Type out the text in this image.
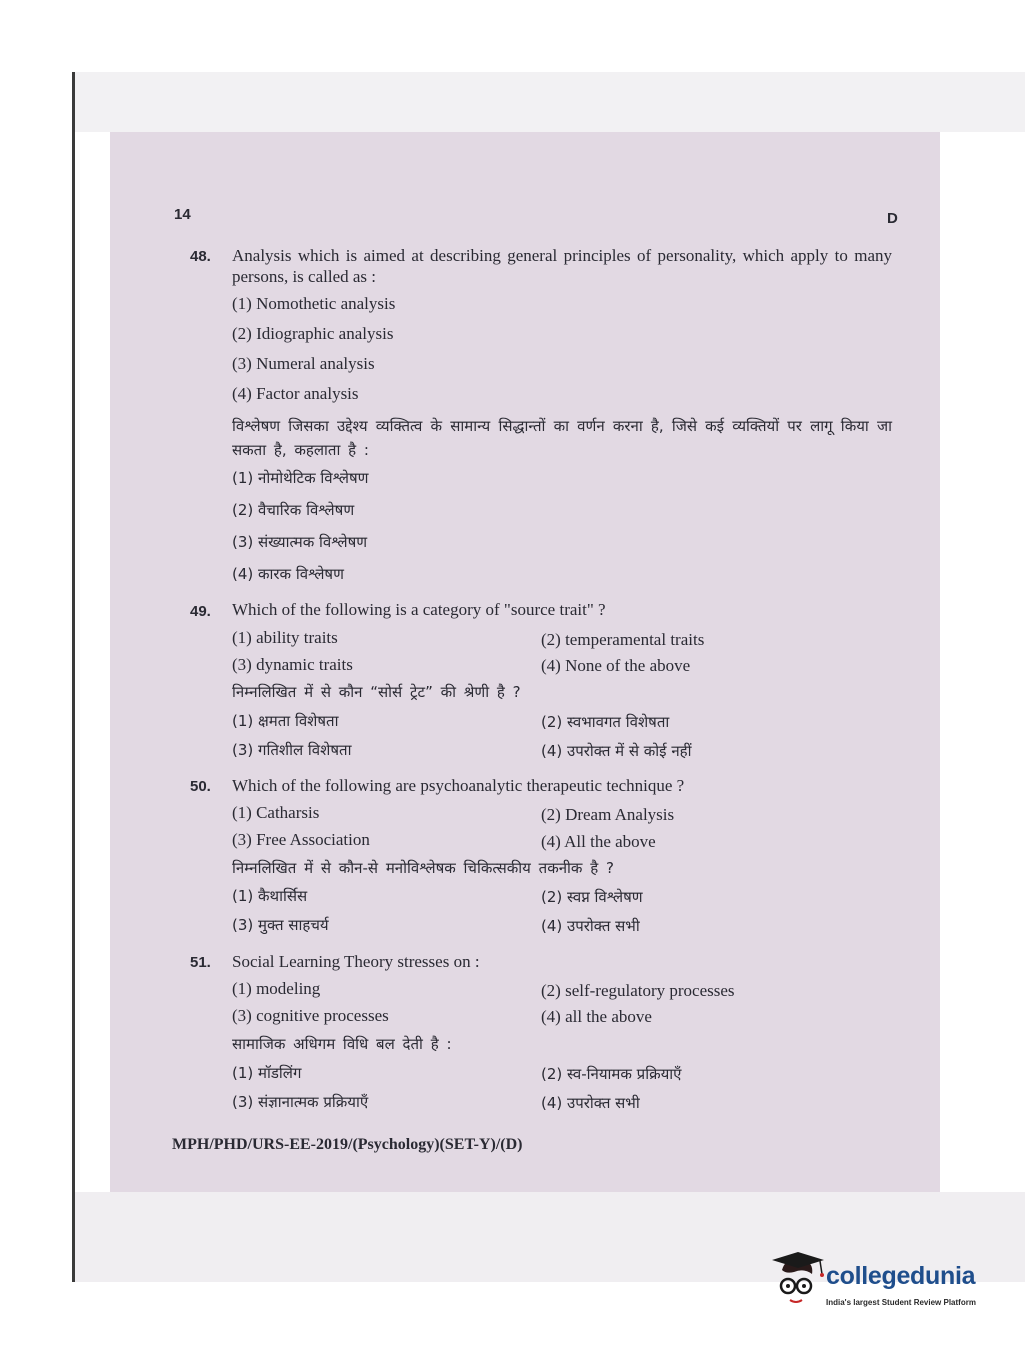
14	D
48. Analysis which is aimed at describing general principles of personality, which apply to many persons, is called as :
(1) Nomothetic analysis
(2) Idiographic analysis
(3) Numeral analysis
(4) Factor analysis
विश्लेषण जिसका उद्देश्य व्यक्तित्व के सामान्य सिद्धान्तों का वर्णन करना है, जिसे कई व्यक्तियों पर लागू किया जा सकता है, कहलाता है :
(1) नोमोथेटिक विश्लेषण
(2) वैचारिक विश्लेषण
(3) संख्यात्मक विश्लेषण
(4) कारक विश्लेषण
49. Which of the following is a category of "source trait" ?
(1) ability traits	(2) temperamental traits
(3) dynamic traits	(4) None of the above
निम्नलिखित में से कौन “सोर्स ट्रेट” की श्रेणी है ?
(1) क्षमता विशेषता	(2) स्वभावगत विशेषता
(3) गतिशील विशेषता	(4) उपरोक्त में से कोई नहीं
50. Which of the following are psychoanalytic therapeutic technique ?
(1) Catharsis	(2) Dream Analysis
(3) Free Association	(4) All the above
निम्नलिखित में से कौन-से मनोविश्लेषक चिकित्सकीय तकनीक है ?
(1) कैथार्सिस	(2) स्वप्न विश्लेषण
(3) मुक्त साहचर्य	(4) उपरोक्त सभी
51. Social Learning Theory stresses on :
(1) modeling	(2) self-regulatory processes
(3) cognitive processes	(4) all the above
सामाजिक अधिगम विधि बल देती है :
(1) मॉडलिंग	(2) स्व-नियामक प्रक्रियाएँ
(3) संज्ञानात्मक प्रक्रियाएँ	(4) उपरोक्त सभी
MPH/PHD/URS-EE-2019/(Psychology)(SET-Y)/(D)
collegedunia
India's largest Student Review Platform
